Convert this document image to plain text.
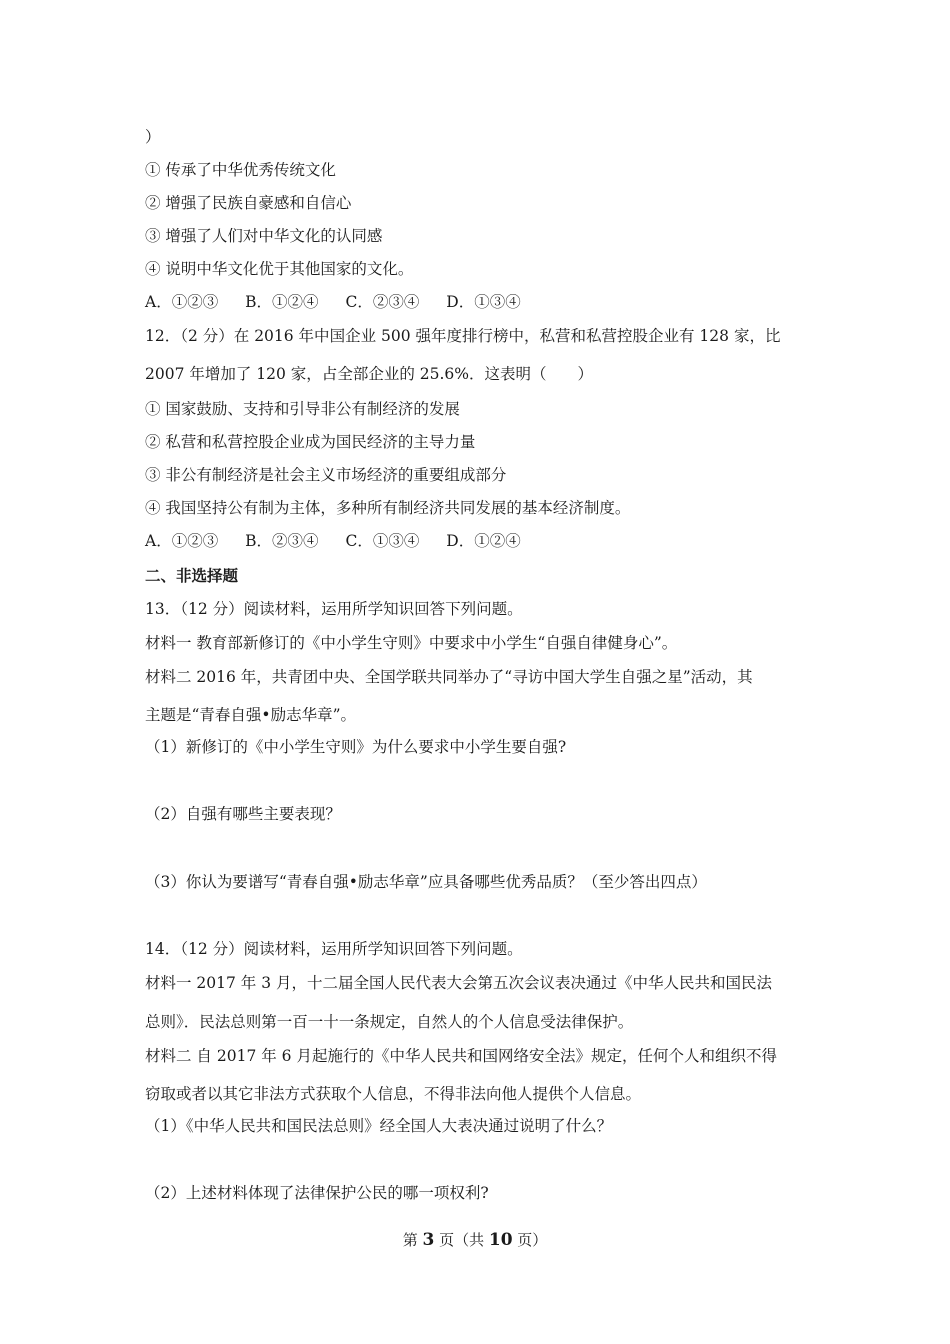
）
① 传承了中华优秀传统文化
② 增强了民族自豪感和自信心
③ 增强了人们对中华文化的认同感
④ 说明中华文化优于其他国家的文化。
A．①②③ B．①②④ C．②③④ D．①③④
12．（2 分）在 2016 年中国企业 500 强年度排行榜中，私营和私营控股企业有 128 家，比
2007 年增加了 120 家，占全部企业的 25.6%．这表明（　　）
① 国家鼓励、支持和引导非公有制经济的发展
② 私营和私营控股企业成为国民经济的主导力量
③ 非公有制经济是社会主义市场经济的重要组成部分
④ 我国坚持公有制为主体，多种所有制经济共同发展的基本经济制度。
A．①②③ B．②③④ C．①③④ D．①②④
二、非选择题
13．（12 分）阅读材料，运用所学知识回答下列问题。
材料一 教育部新修订的《中小学生守则》中要求中小学生“自强自律健身心”。
材料二 2016 年，共青团中央、全国学联共同举办了“寻访中国大学生自强之星”活动，其
主题是“青春自强•励志华章”。
（1）新修订的《中小学生守则》为什么要求中小学生要自强?
（2）自强有哪些主要表现？
（3）你认为要谱写“青春自强•励志华章”应具备哪些优秀品质？（至少答出四点）
14．（12 分）阅读材料，运用所学知识回答下列问题。
材料一 2017 年 3 月，十二届全国人民代表大会第五次会议表决通过《中华人民共和国民法
总则》．民法总则第一百一十一条规定，自然人的个人信息受法律保护。
材料二 自 2017 年 6 月起施行的《中华人民共和国网络安全法》规定，任何个人和组织不得
窃取或者以其它非法方式获取个人信息，不得非法向他人提供个人信息。
（1）《中华人民共和国民法总则》经全国人大表决通过说明了什么？
（2）上述材料体现了法律保护公民的哪一项权利?
第 3 页（共 10 页）
